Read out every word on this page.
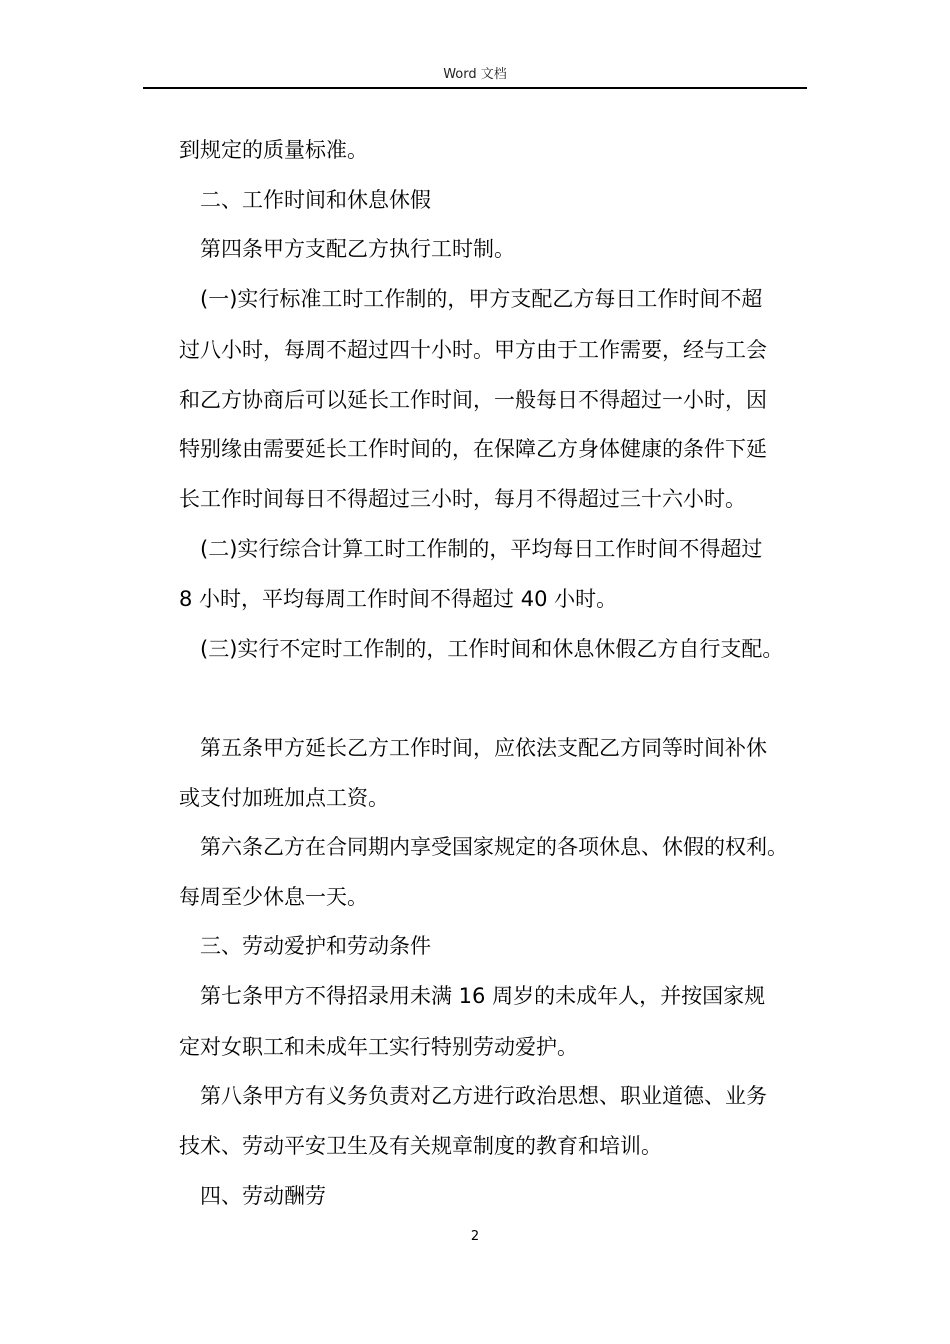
Word 文档
到规定的质量标准。
　二、工作时间和休息休假
　第四条甲方支配乙方执行工时制。
　(一)实行标准工时工作制的，甲方支配乙方每日工作时间不超
过八小时，每周不超过四十小时。甲方由于工作需要，经与工会
和乙方协商后可以延长工作时间，一般每日不得超过一小时，因
特别缘由需要延长工作时间的，在保障乙方身体健康的条件下延
长工作时间每日不得超过三小时，每月不得超过三十六小时。
　(二)实行综合计算工时工作制的，平均每日工作时间不得超过
8 小时，平均每周工作时间不得超过 40 小时。
　(三)实行不定时工作制的，工作时间和休息休假乙方自行支配。
　第五条甲方延长乙方工作时间，应依法支配乙方同等时间补休
或支付加班加点工资。
　第六条乙方在合同期内享受国家规定的各项休息、休假的权利。
每周至少休息一天。
　三、劳动爱护和劳动条件
　第七条甲方不得招录用未满 16 周岁的未成年人，并按国家规
定对女职工和未成年工实行特别劳动爱护。
　第八条甲方有义务负责对乙方进行政治思想、职业道德、业务
技术、劳动平安卫生及有关规章制度的教育和培训。
　四、劳动酬劳
2
